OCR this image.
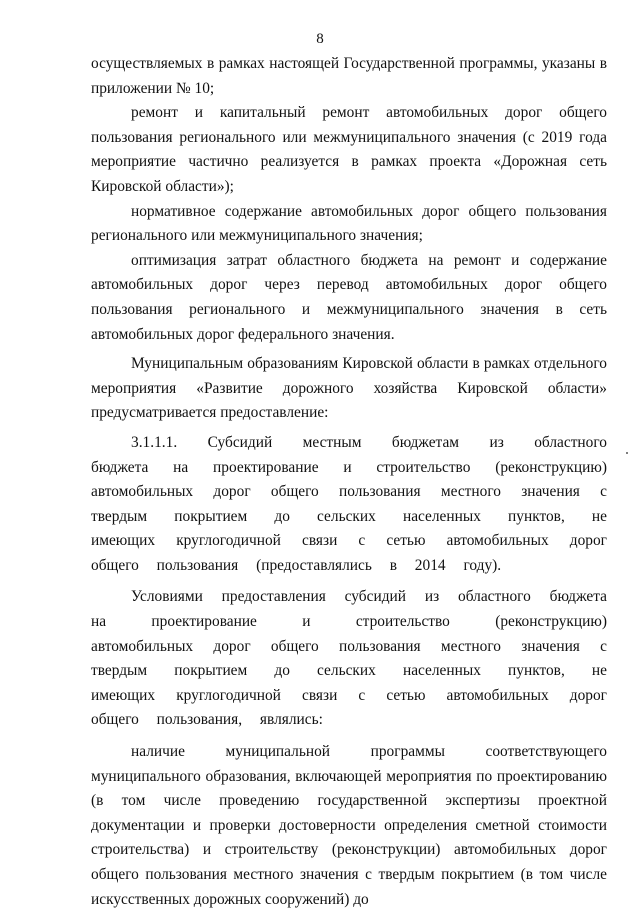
8

осуществляемых в рамках настоящей Государственной программы, указаны в приложении № 10;

ремонт и капитальный ремонт автомобильных дорог общего пользования регионального или межмуниципального значения (с 2019 года мероприятие частично реализуется в рамках проекта «Дорожная сеть Кировской области»);

нормативное содержание автомобильных дорог общего пользования регионального или межмуниципального значения;

оптимизация затрат областного бюджета на ремонт и содержание автомобильных дорог через перевод автомобильных дорог общего пользования регионального и межмуниципального значения в сеть автомобильных дорог федерального значения.

Муниципальным образованиям Кировской области в рамках отдельного мероприятия «Развитие дорожного хозяйства Кировской области» предусматривается предоставление:

3.1.1.1. Субсидий местным бюджетам из областного бюджета на проектирование и строительство (реконструкцию) автомобильных дорог общего пользования местного значения с твердым покрытием до сельских населенных пунктов, не имеющих круглогодичной связи с сетью автомобильных дорог общего пользования (предоставлялись в 2014 году).

Условиями предоставления субсидий из областного бюджета на проектирование и строительство (реконструкцию) автомобильных дорог общего пользования местного значения с твердым покрытием до сельских населенных пунктов, не имеющих круглогодичной связи с сетью автомобильных дорог общего пользования, являлись:

наличие муниципальной программы соответствующего муниципального образования, включающей мероприятия по проектированию (в том числе проведению государственной экспертизы проектной документации и проверки достоверности определения сметной стоимости строительства) и строительству (реконструкции) автомобильных дорог общего пользования местного значения с твердым покрытием (в том числе искусственных дорожных сооружений) до
